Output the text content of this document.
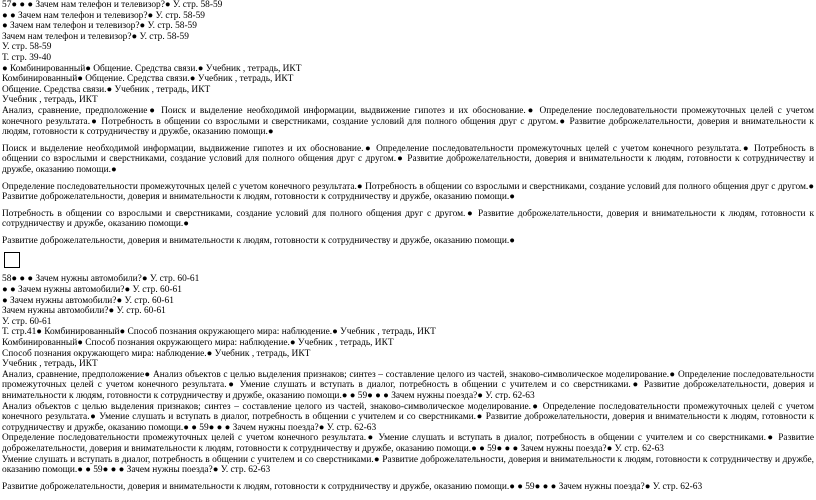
57● ● ● Зачем нам телефон и телевизор?● У. стр. 58-59
● ● Зачем нам телефон и телевизор?● У. стр. 58-59
● Зачем нам телефон и телевизор?● У. стр. 58-59
Зачем нам телефон и телевизор?● У. стр. 58-59
У. стр. 58-59
Т. стр. 39-40
● Комбинированный● Общение. Средства связи.● Учебник , тетрадь, ИКТ
Комбинированный● Общение. Средства связи.● Учебник , тетрадь, ИКТ
Общение. Средства связи.● Учебник , тетрадь, ИКТ
Учебник , тетрадь, ИКТ
Анализ, сравнение, предположение● Поиск и выделение необходимой информации, выдвижение гипотез и их обоснование.● Определение последовательности промежуточных целей с учетом конечного результата.● Потребность в общении со взрослыми и сверстниками, создание условий для полного общения друг с другом.● Развитие доброжелательности, доверия и внимательности к людям, готовности к сотрудничеству и дружбе, оказанию помощи.●
Поиск и выделение необходимой информации, выдвижение гипотез и их обоснование.● Определение последовательности промежуточных целей с учетом конечного результата.● Потребность в общении со взрослыми и сверстниками, создание условий для полного общения друг с другом.● Развитие доброжелательности, доверия и внимательности к людям, готовности к сотрудничеству и дружбе, оказанию помощи.●
Определение последовательности промежуточных целей с учетом конечного результата.● Потребность в общении со взрослыми и сверстниками, создание условий для полного общения друг с другом.● Развитие доброжелательности, доверия и внимательности к людям, готовности к сотрудничеству и дружбе, оказанию помощи.●
Потребность в общении со взрослыми и сверстниками, создание условий для полного общения друг с другом.● Развитие доброжелательности, доверия и внимательности к людям, готовности к сотрудничеству и дружбе, оказанию помощи.●
Развитие доброжелательности, доверия и внимательности к людям, готовности к сотрудничеству и дружбе, оказанию помощи.●
58● ● ● Зачем нужны автомобили?● У. стр. 60-61
● ● Зачем нужны автомобили?● У. стр. 60-61
● Зачем нужны автомобили?● У. стр. 60-61
Зачем нужны автомобили?● У. стр. 60-61
У. стр. 60-61
Т. стр.41● Комбинированный● Способ познания окружающего мира: наблюдение.● Учебник , тетрадь, ИКТ
Комбинированный● Способ познания окружающего мира: наблюдение.● Учебник , тетрадь, ИКТ
Способ познания окружающего мира: наблюдение.● Учебник , тетрадь, ИКТ
Учебник , тетрадь, ИКТ
Анализ, сравнение, предположение● Анализ объектов с целью выделения признаков; синтез – составление целого из частей, знаково-символическое моделирование.● Определение последовательности промежуточных целей с учетом конечного результата.● Умение слушать и вступать в диалог, потребность в общении с учителем и со сверстниками.● Развитие доброжелательности, доверия и внимательности к людям, готовности к сотрудничеству и дружбе, оказанию помощи.● ● 59● ● ● Зачем нужны поезда?● У. стр. 62-63
Анализ объектов с целью выделения признаков; синтез – составление целого из частей, знаково-символическое моделирование.● Определение последовательности промежуточных целей с учетом конечного результата.● Умение слушать и вступать в диалог, потребность в общении с учителем и со сверстниками.● Развитие доброжелательности, доверия и внимательности к людям, готовности к сотрудничеству и дружбе, оказанию помощи.● ● 59● ● ● Зачем нужны поезда?● У. стр. 62-63
Определение последовательности промежуточных целей с учетом конечного результата.● Умение слушать и вступать в диалог, потребность в общении с учителем и со сверстниками.● Развитие доброжелательности, доверия и внимательности к людям, готовности к сотрудничеству и дружбе, оказанию помощи.● ● 59● ● ● Зачем нужны поезда?● У. стр. 62-63
Умение слушать и вступать в диалог, потребность в общении с учителем и со сверстниками.● Развитие доброжелательности, доверия и внимательности к людям, готовности к сотрудничеству и дружбе, оказанию помощи.● ● 59● ● ● Зачем нужны поезда?● У. стр. 62-63
Развитие доброжелательности, доверия и внимательности к людям, готовности к сотрудничеству и дружбе, оказанию помощи.● ● 59● ● ● Зачем нужны поезда?● У. стр. 62-63
